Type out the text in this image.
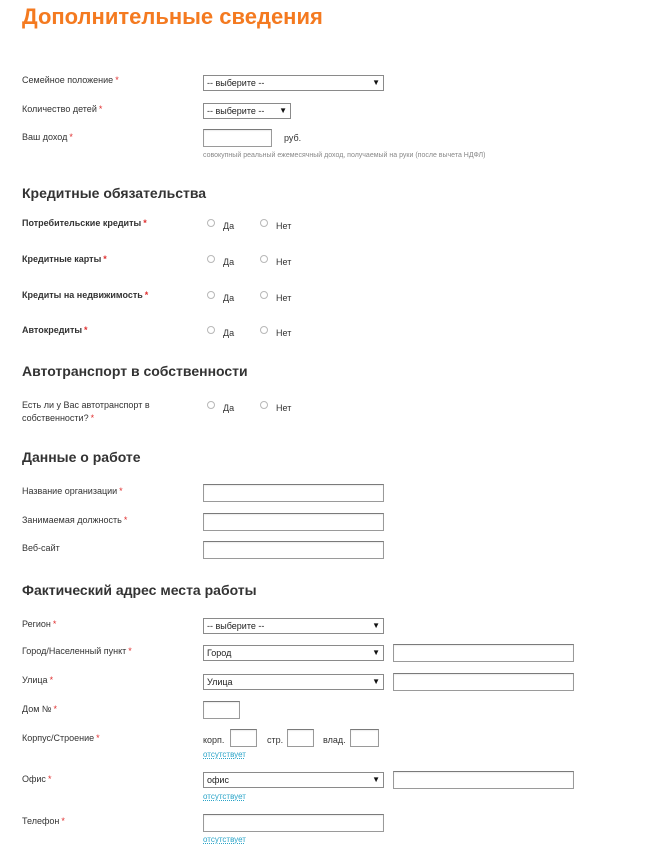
Дополнительные сведения
Семейное положение *	-- выберите --	▼
Количество детей *	-- выберите -- ▼
Ваш доход *	руб.
совокупный реальный ежемесячный доход, получаемый на руки (после вычета НДФЛ)
Кредитные обязательства
Потребительские кредиты *	Да	Нет
Кредитные карты *	Да	Нет
Кредиты на недвижимость *	Да	Нет
Автокредиты *	Да	Нет
Автотранспорт в собственности
Есть ли у Вас автотранспорт в
собственности? *
Да	Нет
Данные о работе
Название организации *
Занимаемая должность *
Веб-сайт
Фактический адрес места работы
Регион *	-- выберите --	▼
Город/Населенный пункт *	Город	▼
Улица *	Улица	▼
Дом № *
Корпус/Строение *	корп.	стр.	влад.
отсутствует
Офис *	офис	▼
отсутствует
Телефон *
отсутствует
